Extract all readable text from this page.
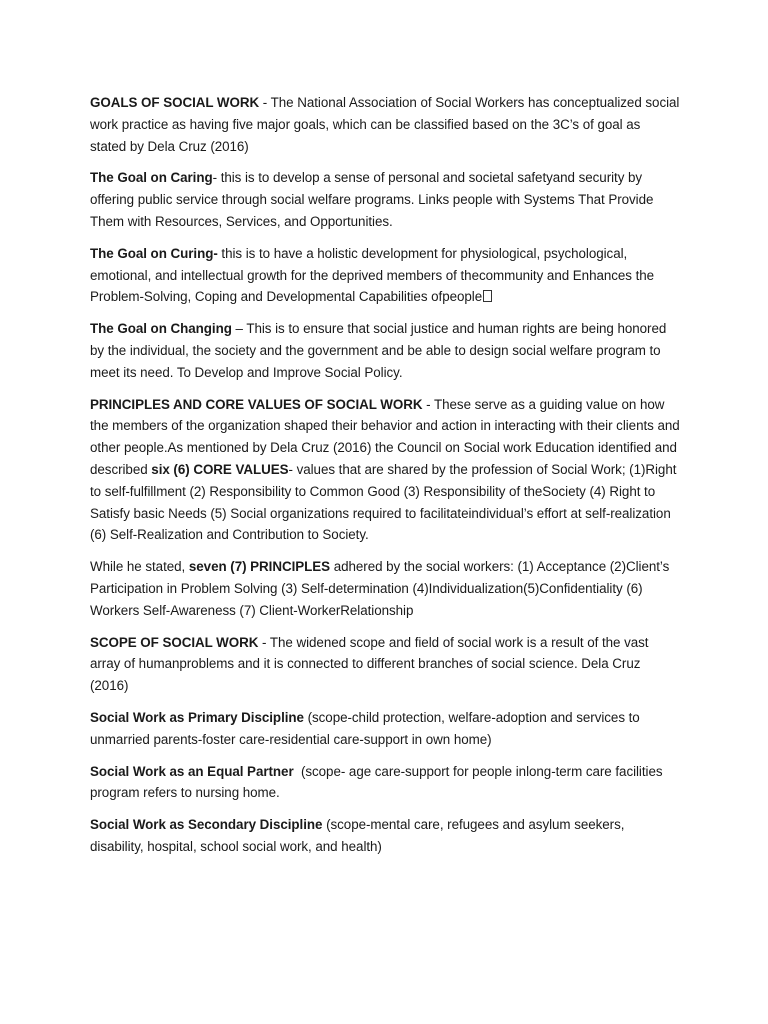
GOALS OF SOCIAL WORK - The National Association of Social Workers has conceptualized social work practice as having five major goals, which can be classified based on the 3C’s of goal as stated by Dela Cruz (2016)

The Goal on Caring- this is to develop a sense of personal and societal safetyand security by offering public service through social welfare programs. Links people with Systems That Provide Them with Resources, Services, and Opportunities.

The Goal on Curing- this is to have a holistic development for physiological, psychological, emotional, and intellectual growth for the deprived members of thecommunity and Enhances the Problem-Solving, Coping and Developmental Capabilities ofpeople

The Goal on Changing – This is to ensure that social justice and human rights are being honored by the individual, the society and the government and be able to design social welfare program to meet its need. To Develop and Improve Social Policy.

PRINCIPLES AND CORE VALUES OF SOCIAL WORK - These serve as a guiding value on how the members of the organization shaped their behavior and action in interacting with their clients and other people.As mentioned by Dela Cruz (2016) the Council on Social work Education identified and described six (6) CORE VALUES- values that are shared by the profession of Social Work; (1)Right to self-fulfillment (2) Responsibility to Common Good (3) Responsibility of theSociety (4) Right to Satisfy basic Needs (5) Social organizations required to facilitateindividual’s effort at self-realization (6) Self-Realization and Contribution to Society.

While he stated, seven (7) PRINCIPLES adhered by the social workers: (1) Acceptance (2)Client’s Participation in Problem Solving (3) Self-determination (4)Individualization(5)Confidentiality (6) Workers Self-Awareness (7) Client-WorkerRelationship

SCOPE OF SOCIAL WORK - The widened scope and field of social work is a result of the vast array of humanproblems and it is connected to different branches of social science. Dela Cruz (2016)

Social Work as Primary Discipline (scope-child protection, welfare-adoption and services to unmarried parents-foster care-residential care-support in own home)

Social Work as an Equal Partner  (scope- age care-support for people inlong-term care facilities program refers to nursing home.

Social Work as Secondary Discipline (scope-mental care, refugees and asylum seekers, disability, hospital, school social work, and health)
